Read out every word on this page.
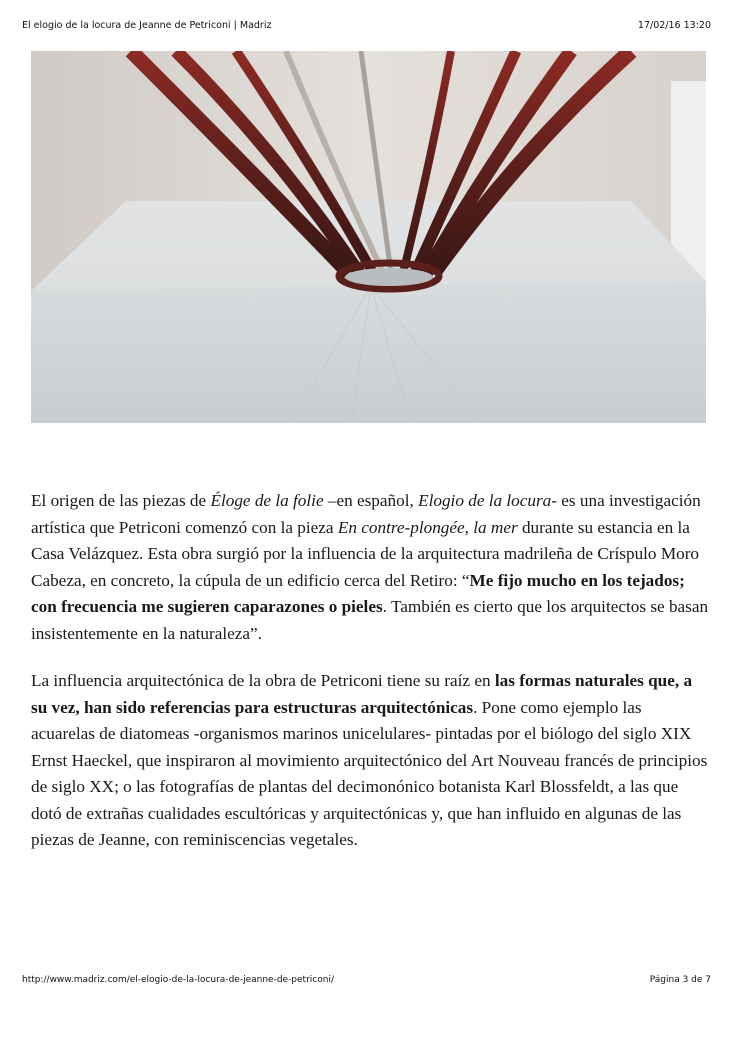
El elogio de la locura de Jeanne de Petriconi | Madriz	17/02/16 13:20

El origen de las piezas de Éloge de la folie –en español, Elogio de la locura- es una investigación artística que Petriconi comenzó con la pieza En contre-plongée, la mer durante su estancia en la Casa Velázquez. Esta obra surgió por la influencia de la arquitectura madrileña de Críspulo Moro Cabeza, en concreto, la cúpula de un edificio cerca del Retiro: “Me fijo mucho en los tejados; con frecuencia me sugieren caparazones o pieles. También es cierto que los arquitectos se basan insistentemente en la naturaleza”.

La influencia arquitectónica de la obra de Petriconi tiene su raíz en las formas naturales que, a su vez, han sido referencias para estructuras arquitectónicas. Pone como ejemplo las acuarelas de diatomeas -organismos marinos unicelulares- pintadas por el biólogo del siglo XIX Ernst Haeckel, que inspiraron al movimiento arquitectónico del Art Nouveau francés de principios de siglo XX; o las fotografías de plantas del decimonónico botanista Karl Blossfeldt, a las que dotó de extrañas cualidades escultóricas y arquitectónicas y, que han influido en algunas de las piezas de Jeanne, con reminiscencias vegetales.

http://www.madriz.com/el-elogio-de-la-locura-de-jeanne-de-petriconi/	Página 3 de 7
